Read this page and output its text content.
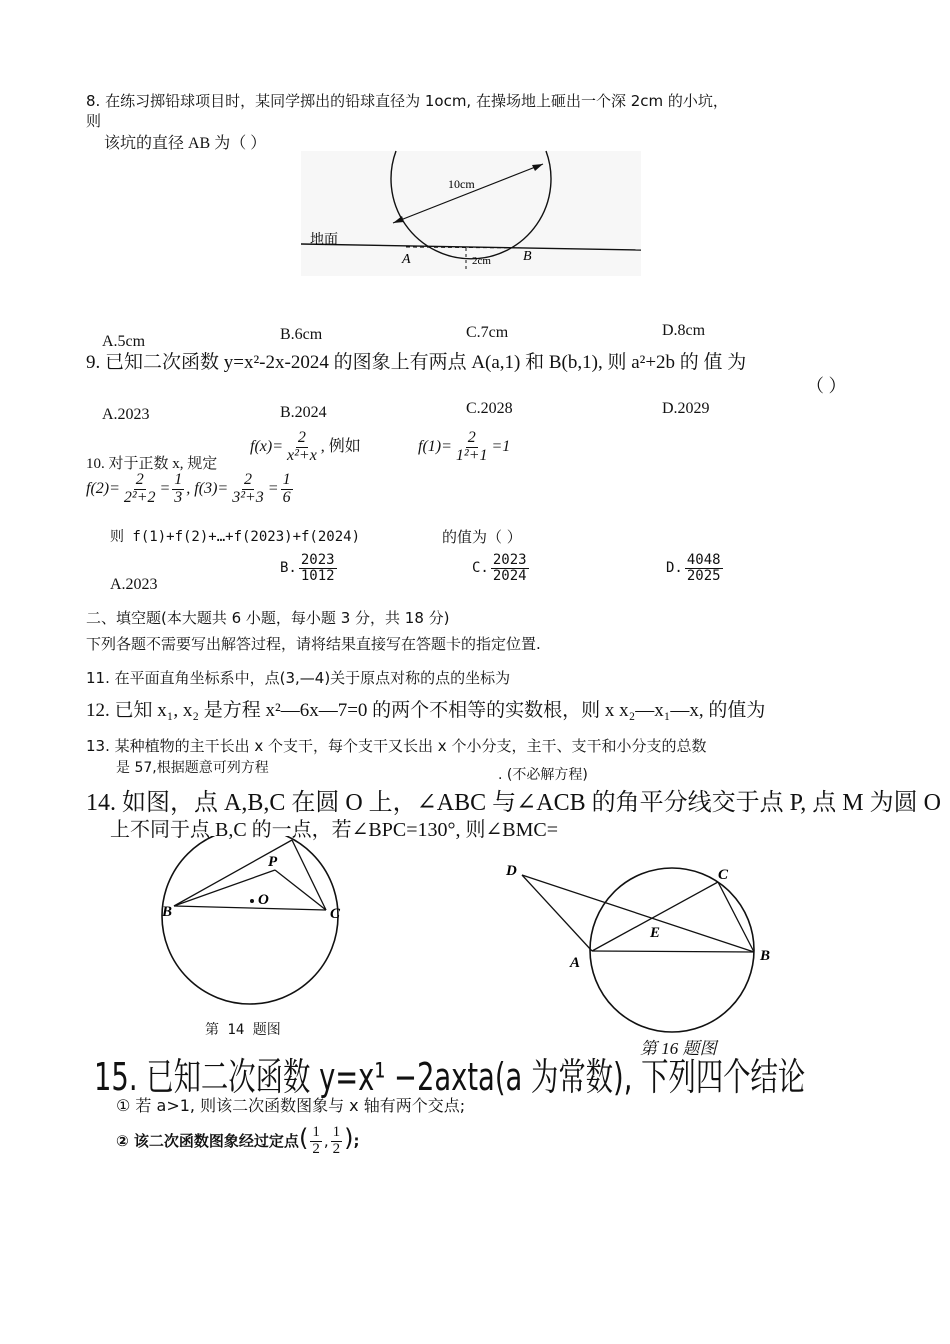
8. 在练习掷铅球项目时，某同学掷出的铅球直径为 1ocm, 在操场地上砸出一个深 2cm 的小坑，
则
该坑的直径 AB 为（ ）
10cm
2cm
地面
A	B
A.5cm	B.6cm	C.7cm	D.8cm
9. 已知二次函数 y=x²-2x-2024 的图象上有两点 A(a,1) 和 B(b,1), 则 a²+2b 的 值 为
（ ）
A.2023	B.2024	C.2028	D.2029
10. 对于正数 x, 规定
$f(x)= \frac{2}{\text{x²+x}}$ , 例如	$f(1)= \frac{2}{\text{1²+1}} =1$
$f(2)= \frac{2}{\text{2²+2}} = \frac{1}{3}$ , $f(3)= \frac{2}{\text{3²+3}} = \frac{1}{6}$
则 f(1)+f(2)+…+f(2023)+f(2024)	的值为（ ）
A.2023
B. $\frac{2023}{1012}$	C. $\frac{2023}{2024}$	D. $\frac{4048}{2025}$
二、填空题(本大题共 6 小题，每小题 3 分，共 18 分)
下列各题不需要写出解答过程，请将结果直接写在答题卡的指定位置.
11. 在平面直角坐标系中，点(3,—4)关于原点对称的点的坐标为
12. 已知 x₁, x₂ 是方程 x²—6x—7=0 的两个不相等的实数根，则 x x₂—x₁—x, 的值为
13. 某种植物的主干长出 x 个支干，每个支干又长出 x 个小分支，主干、支干和小分支的总数
是 57,根据题意可列方程	. (不必解方程)
14. 如图，点 A,B,C 在圆 O 上，∠ABC 与∠ACB 的角平分线交于点 P, 点 M 为圆 O
上不同于点 B,C 的一点，若∠BPC=130°, 则∠BMC=
B	C
P
O
第 14 题图
D	C
E
A	B
第 16 题图
15. 已知二次函数 y=x¹ −2axta(a 为常数), 下列四个结论
① 若 a>1, 则该二次函数图象与 x 轴有两个交点;
② 该二次函数图象经过定点( $\frac{1}{2}$ , $\frac{1}{2}$ );
